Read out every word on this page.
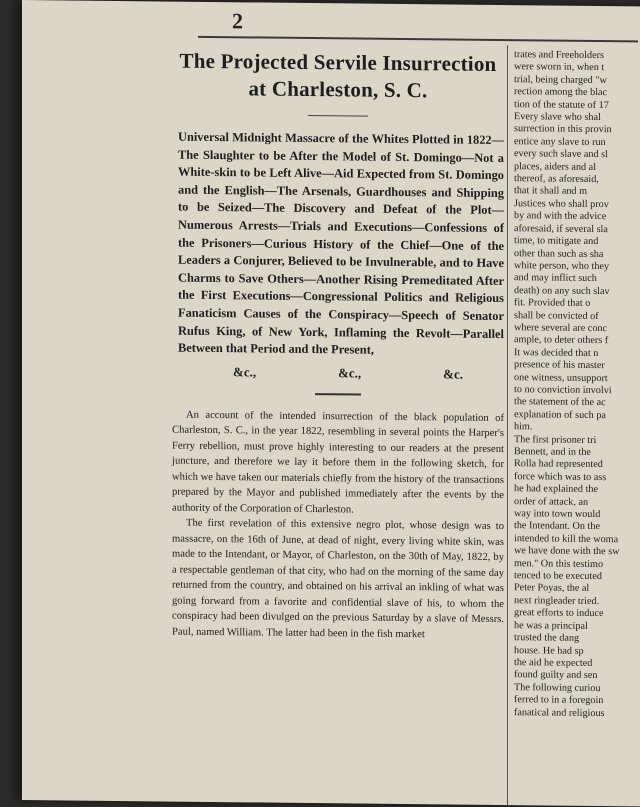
2
The Projected Servile Insurrection at Charleston, S. C.

Universal Midnight Massacre of the Whites Plotted in 1822—The Slaughter to be After the Model of St. Domingo—Not a White-skin to be Left Alive—Aid Expected from St. Domingo and the English—The Arsenals, Guardhouses and Shipping to be Seized—The Discovery and Defeat of the Plot—Numerous Arrests—Trials and Executions—Confessions of the Prisoners—Curious History of the Chief—One of the Leaders a Conjurer, Believed to be Invulnerable, and to Have Charms to Save Others—Another Rising Premeditated After the First Executions—Congressional Politics and Religious Fanaticism Causes of the Conspiracy—Speech of Senator Rufus King, of New York, Inflaming the Revolt—Parallel Between that Period and the Present,

&c.,	&c.,	&c.

An account of the intended insurrection of the black population of Charleston, S. C., in the year 1822, resembling in several points the Harper's Ferry rebellion, must prove highly interesting to our readers at the present juncture, and therefore we lay it before them in the following sketch, for which we have taken our materials chiefly from the history of the transactions prepared by the Mayor and published immediately after the events by the authority of the Corporation of Charleston.

The first revelation of this extensive negro plot, whose design was to massacre, on the 16th of June, at dead of night, every living white skin, was made to the Intendant, or Mayor, of Charleston, on the 30th of May, 1822, by a respectable gentleman of that city, who had on the morning of the same day returned from the country, and obtained on his arrival an inkling of what was going forward from a favorite and confidential slave of his, to whom the conspiracy had been divulged on the previous Saturday by a slave of Messrs. Paul, named William. The latter had been in the fish market

trates and Freeholders
were sworn in, when t
trial, being charged "w
rection among the blac
tion of the statute of 17
Every slave who shal
surrection in this provin
entice any slave to run
every such slave and sl
places, aiders and al
thereof, as aforesaid,
that it shall and m
Justices who shall prov
by and with the advice
aforesaid, if several sla
time, to mitigate and
other than such as sha
white person, who they
and may inflict such
death) on any such slav
fit. Provided that o
shall be convicted of
where several are conc
ample, to deter others f
It was decided that n
presence of his master
one witness, unsupport
to no conviction involvi
the statement of the ac
explanation of such pa
him.
The first prisoner tri
Bennett, and in the
Rolla had represented
force which was to ass
he had explained the
order of attack, an
way into town would
the Intendant. On the
intended to kill the woma
we have done with the sw
men." On this testimo
tenced to be executed
Peter Poyas, the al
next ringleader tried.
great efforts to induce
he was a principal
trusted the dang
house. He had sp
the aid he expected
found guilty and sen
The following curiou
ferred to in a foregoin
fanatical and religious
